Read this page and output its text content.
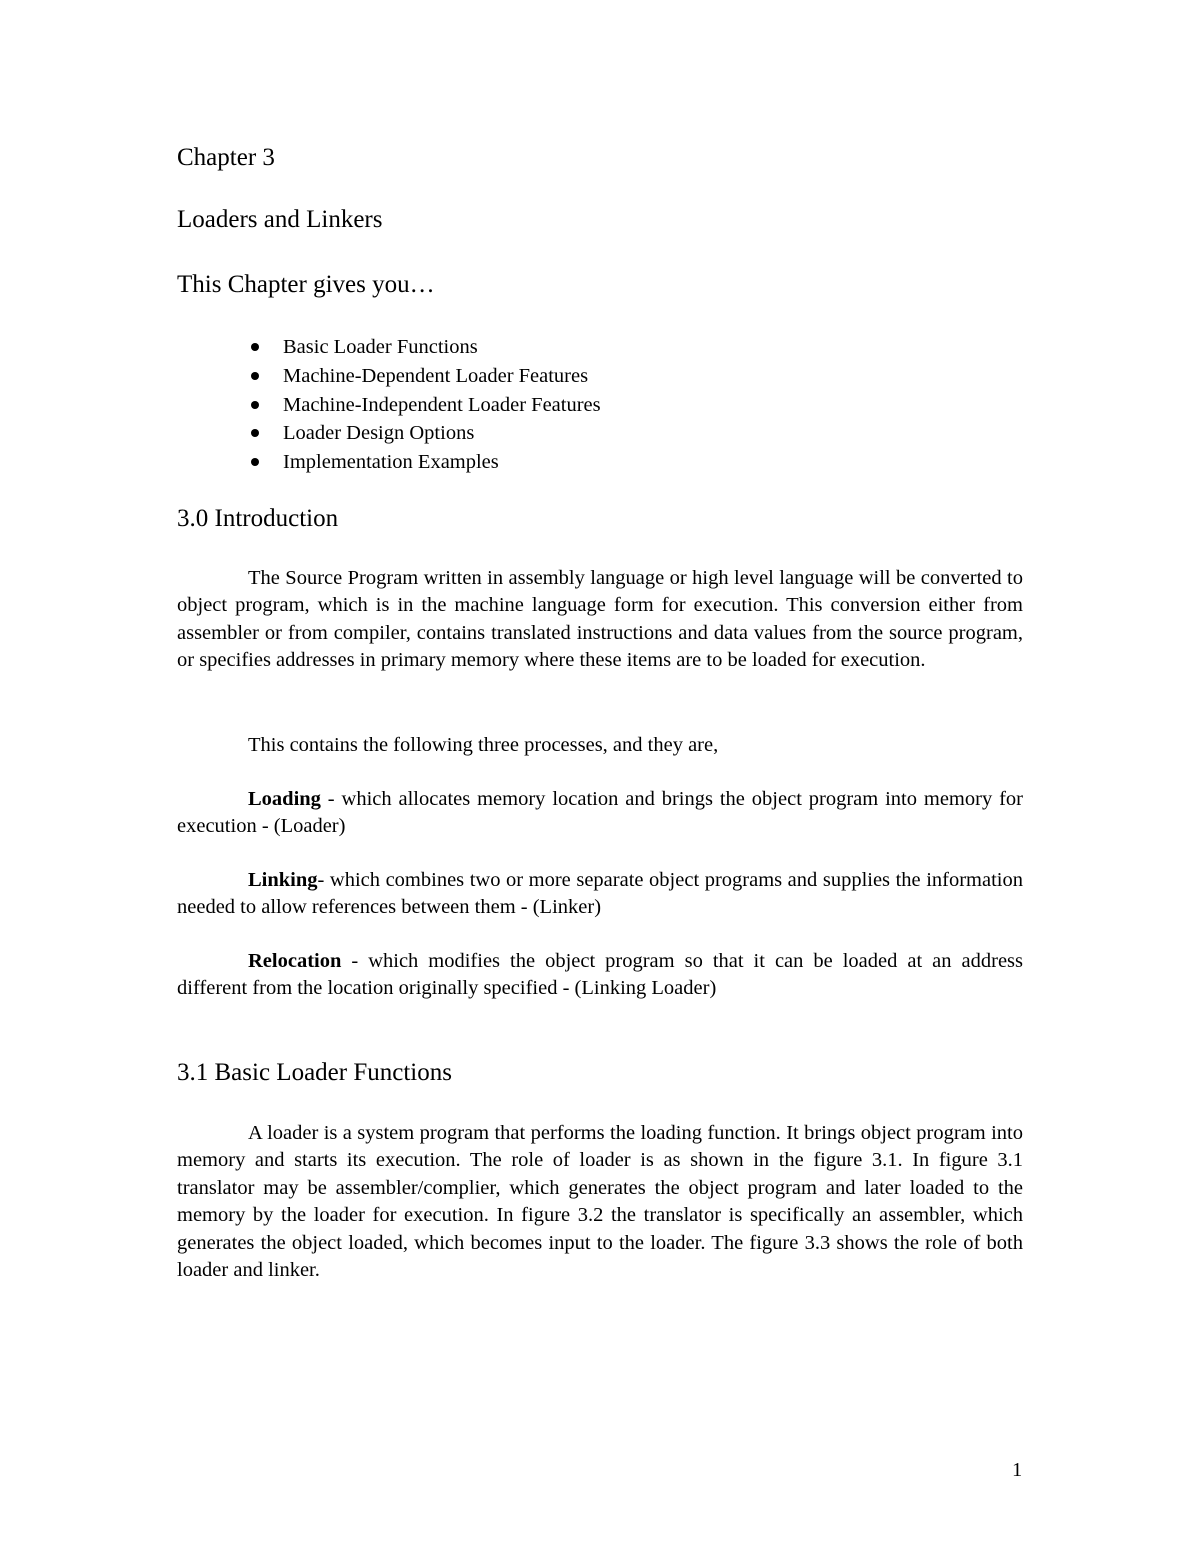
Chapter 3
Loaders and Linkers
This Chapter gives you…
Basic Loader Functions
Machine-Dependent Loader Features
Machine-Independent Loader Features
Loader Design Options
Implementation Examples
3.0 Introduction

The Source Program written in assembly language or high level language will be converted to object program, which is in the machine language form for execution. This conversion either from assembler or from compiler, contains translated instructions and data values from the source program, or specifies addresses in primary memory where these items are to be loaded for execution.

This contains the following three processes, and they are,

Loading - which allocates memory location and brings the object program into memory for execution - (Loader)

Linking- which combines two or more separate object programs and supplies the information needed to allow references between them - (Linker)

Relocation - which modifies the object program so that it can be loaded at an address different from the location originally specified - (Linking Loader)

3.1 Basic Loader Functions

A loader is a system program that performs the loading function. It brings object program into memory and starts its execution. The role of loader is as shown in the figure 3.1. In figure 3.1 translator may be assembler/complier, which generates the object program and later loaded to the memory by the loader for execution. In figure 3.2 the translator is specifically an assembler, which generates the object loaded, which becomes input to the loader. The figure 3.3 shows the role of both loader and linker.

1
